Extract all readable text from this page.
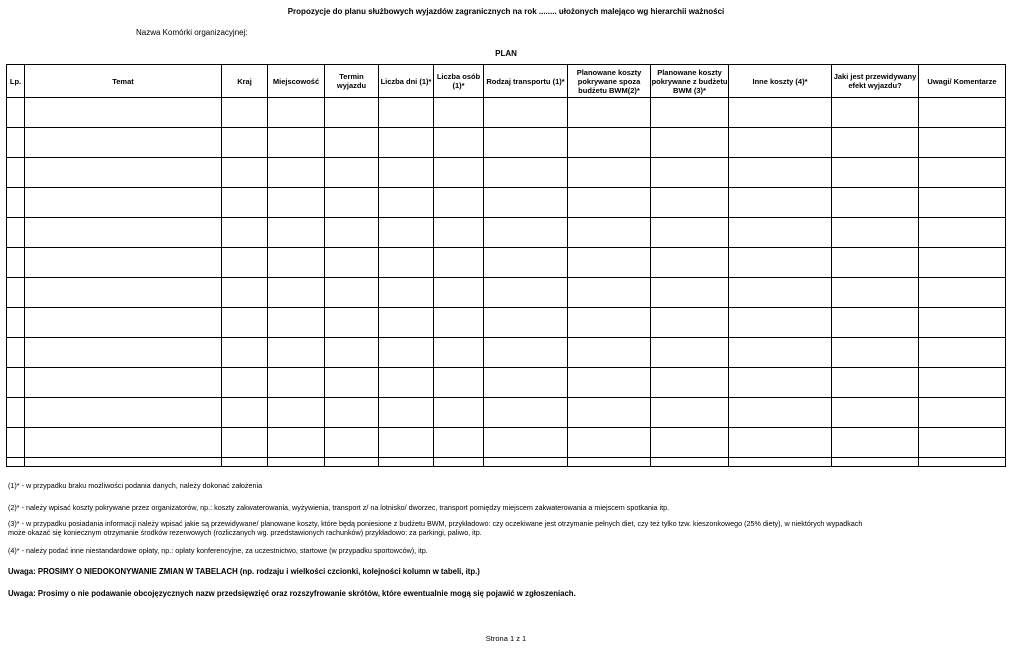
Propozycje do planu służbowych wyjazdów zagranicznych na rok ........ ułożonych malejąco wg hierarchii ważności
Nazwa Komórki organizacyjnej:
PLAN
Lp.	Temat	Kraj	Miejscowość	Termin wyjazdu	Liczba dni (1)*	Liczba osób (1)*	Rodzaj transportu (1)*	Planowane koszty pokrywane spoza budżetu BWM(2)*	Planowane koszty pokrywane z budżetu BWM (3)*	Inne koszty (4)*	Jaki jest przewidywany efekt wyjazdu?	Uwagi/ Komentarze

(1)* - w przypadku braku możliwości podania danych, należy dokonać założenia

(2)* - należy wpisać koszty pokrywane przez organizatorów, np.: koszty zakwaterowania, wyżywienia, transport z/ na lotnisko/ dworzec, transport pomiędzy miejscem zakwaterowania a miejscem spotkania itp.

(3)* - w przypadku posiadania informacji należy wpisać jakie są przewidywane/ planowane koszty, które będą poniesione z budżetu BWM, przykładowo: czy oczekiwane jest otrzymanie pełnych diet, czy też tylko tzw. kieszonkowego (25% diety), w niektórych wypadkach

może okazać się koniecznym otrzymanie środków rezerwowych (rozliczanych wg. przedstawionych rachunków) przykładowo: za parkingi, paliwo, itp.

(4)* - należy podać inne niestandardowe opłaty, np.: opłaty konferencyjne, za uczestnictwo, startowe (w przypadku sportowców), itp.

Uwaga: PROSIMY O NIEDOKONYWANIE ZMIAN W TABELACH (np. rodzaju i wielkości czcionki, kolejności kolumn w tabeli, itp.)

Uwaga: Prosimy o nie podawanie obcojęzycznych nazw przedsięwzięć oraz rozszyfrowanie skrótów, które ewentualnie mogą się pojawić w zgłoszeniach.

Strona 1 z 1
